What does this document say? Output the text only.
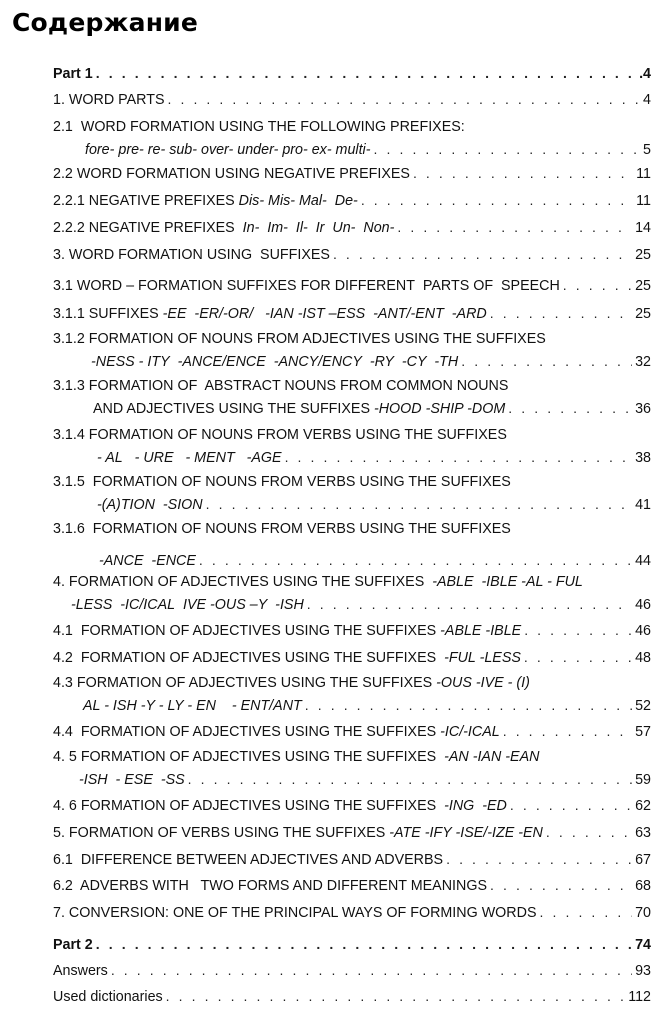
Содержание
Part 1 . . .	.4
1. WORD PARTS . . .	4
2.1  WORD FORMATION USING THE FOLLOWING PREFIXES:
fore- pre- re- sub- over- under- pro- ex- multi- . . .	5
2.2 WORD FORMATION USING NEGATIVE PREFIXES . . .	11
2.2.1 NEGATIVE PREFIXES Dis- Mis- Mal-  De- . . .	11
2.2.2 NEGATIVE PREFIXES  In-  Im-  Il-  Ir  Un-  Non- . . .	14
3. WORD FORMATION USING  SUFFIXES . . .	25
3.1 WORD – FORMATION SUFFIXES FOR DIFFERENT  PARTS OF  SPEECH . . .	25
3.1.1 SUFFIXES -EE  -ER/-OR/   -IAN -IST –ESS  -ANT/-ENT  -ARD . . .	25
3.1.2 FORMATION OF NOUNS FROM ADJECTIVES USING THE SUFFIXES
-NESS - ITY  -ANCE/ENCE  -ANCY/ENCY  -RY  -CY  -TH . . .	32
3.1.3 FORMATION OF  ABSTRACT NOUNS FROM COMMON NOUNS
AND ADJECTIVES USING THE SUFFIXES -HOOD -SHIP -DOM . . .	36
3.1.4 FORMATION OF NOUNS FROM VERBS USING THE SUFFIXES
- AL   - URE   - MENT   -AGE . . .	38
3.1.5  FORMATION OF NOUNS FROM VERBS USING THE SUFFIXES
-(A)TION  -SION . . .	41
3.1.6  FORMATION OF NOUNS FROM VERBS USING THE SUFFIXES
-ANCE  -ENCE . . .	44
4. FORMATION OF ADJECTIVES USING THE SUFFIXES  -ABLE  -IBLE -AL - FUL
-LESS  -IC/ICAL  IVE -OUS –Y  -ISH . . .	46
4.1  FORMATION OF ADJECTIVES USING THE SUFFIXES -ABLE -IBLE . . .	46
4.2  FORMATION OF ADJECTIVES USING THE SUFFIXES  -FUL -LESS . . .	48
4.3 FORMATION OF ADJECTIVES USING THE SUFFIXES -OUS -IVE - (I)
AL - ISH -Y - LY - EN    - ENT/ANT . . .	52
4.4  FORMATION OF ADJECTIVES USING THE SUFFIXES -IC/-ICAL . . .	57
4. 5 FORMATION OF ADJECTIVES USING THE SUFFIXES  -AN -IAN -EAN
-ISH  - ESE  -SS . . .	59
4. 6 FORMATION OF ADJECTIVES USING THE SUFFIXES  -ING  -ED . . .	62
5. FORMATION OF VERBS USING THE SUFFIXES -ATE -IFY -ISE/-IZE -EN . . .	63
6.1  DIFFERENCE BETWEEN ADJECTIVES AND ADVERBS . . .	67
6.2  ADVERBS WITH   TWO FORMS AND DIFFERENT MEANINGS . . .	68
7. CONVERSION: ONE OF THE PRINCIPAL WAYS OF FORMING WORDS . . .	70
Part 2 . . .	74
Answers . . .	93
Used dictionaries . . .	112
